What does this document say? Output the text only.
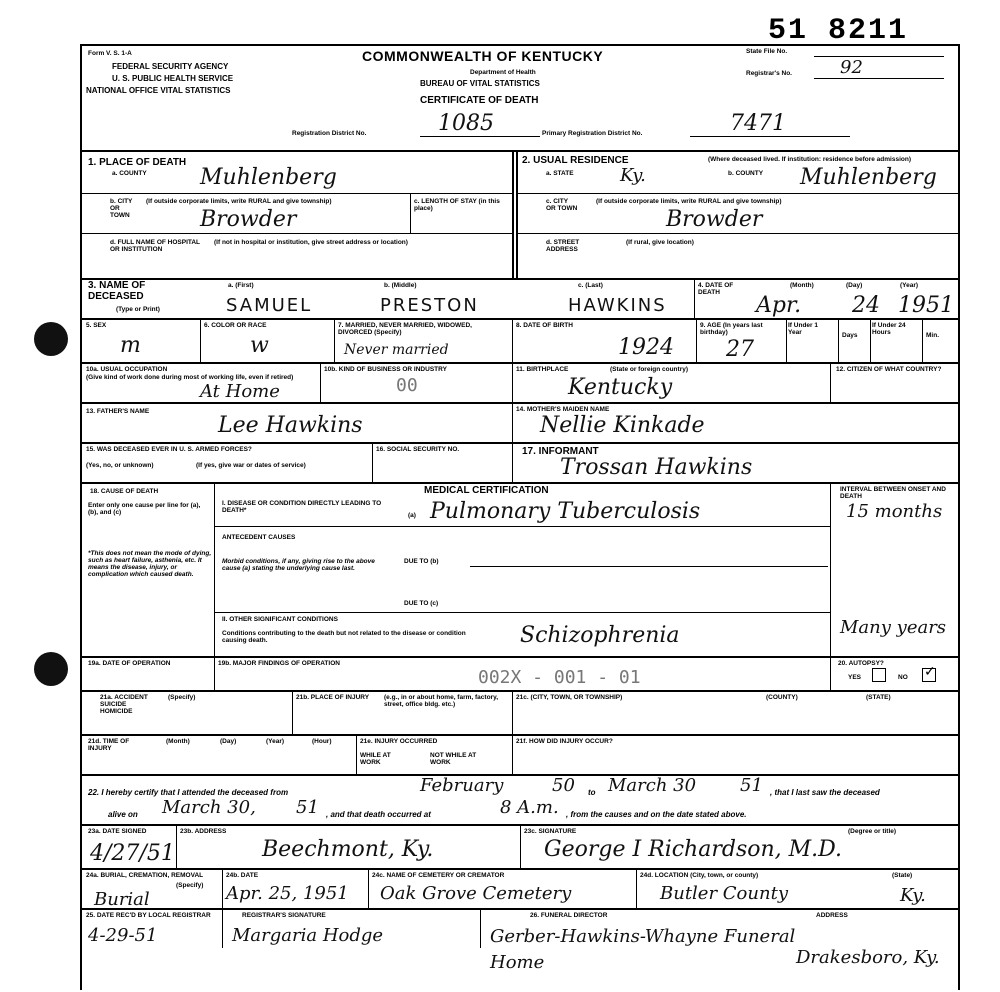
51 8211
Form V. S. 1-A
FEDERAL SECURITY AGENCY
U. S. PUBLIC HEALTH SERVICE
NATIONAL OFFICE VITAL STATISTICS
COMMONWEALTH OF KENTUCKY
Department of Health
BUREAU OF VITAL STATISTICS
CERTIFICATE OF DEATH
State File No.
Registrar's No.	92
Registration District No.	1085	Primary Registration District No.	7471
1. PLACE OF DEATH
a. COUNTY Muhlenberg
b. CITY OR TOWN
(If outside corporate limits, write RURAL and give township)
Browder
c. LENGTH OF STAY (in this place)
d. FULL NAME OF HOSPITAL OR INSTITUTION
(If not in hospital or institution, give street address or location)
2. USUAL RESIDENCE	(Where deceased lived. If institution: residence before admission)
a. STATE	Ky.	b. COUNTY Muhlenberg
c. CITY OR TOWN
(If outside corporate limits, write RURAL and give township)
Browder
d. STREET ADDRESS
(If rural, give location)
3. NAME OF DECEASED
(Type or Print)
a. (First)	b. (Middle)	c. (Last)
SAMUEL	PRESTON	HAWKINS
4. DATE OF DEATH
(Month)	(Day)	(Year)
Apr. 24 1951
5. SEX
m
6. COLOR OR RACE
w
7. MARRIED, NEVER MARRIED, WIDOWED, DIVORCED (Specify)
Never married
8. DATE OF BIRTH
1924
9. AGE (In years last birthday)
27
If Under 1 Year	Days
If Under 24 Hours	Min.
10a. USUAL OCCUPATION
(Give kind of work done during most of working life, even if retired)
At Home
10b. KIND OF BUSINESS OR INDUSTRY
00
11. BIRTHPLACE	(State or foreign country)
Kentucky
12. CITIZEN OF WHAT COUNTRY?
13. FATHER'S NAME
Lee Hawkins
14. MOTHER'S MAIDEN NAME
Nellie Kinkade
15. WAS DECEASED EVER IN U. S. ARMED FORCES?
(Yes, no, or unknown)	(If yes, give war or dates of service)
16. SOCIAL SECURITY NO.	17. INFORMANT
Trossan Hawkins
18. CAUSE OF DEATH
Enter only one cause per line for (a), (b), and (c)
*This does not mean the mode of dying, such as heart failure, asthenia, etc. It means the disease, injury, or complication which caused death.
MEDICAL CERTIFICATION	INTERVAL BETWEEN ONSET AND DEATH
I. DISEASE OR CONDITION DIRECTLY LEADING TO DEATH*
(a) Pulmonary Tuberculosis	15 months
ANTECEDENT CAUSES
Morbid conditions, if any, giving rise to the above cause (a) stating the underlying cause last.
DUE TO (b)
DUE TO (c)
II. OTHER SIGNIFICANT CONDITIONS
Conditions contributing to the death but not related to the disease or condition causing death.	Schizophrenia	Many years
19a. DATE OF OPERATION	19b. MAJOR FINDINGS OF OPERATION
002X - 001 - 01
20. AUTOPSY?
YES	NO ✓
21a. ACCIDENT SUICIDE HOMICIDE
(Specify)	21b. PLACE OF INJURY (e.g., in or about home, farm, factory, street, office bldg. etc.)
21c. (CITY, TOWN, OR TOWNSHIP)	(COUNTY)	(STATE)
21d. TIME OF INJURY
(Month)	(Day)	(Year)	(Hour)	21e. INJURY OCCURRED
WHILE AT WORK
NOT WHILE AT WORK
21f. HOW DID INJURY OCCUR?
22. I hereby certify that I attended the deceased from	February	50 to March 30 51 , that I last saw the deceased
alive on March 30, 51 , and that death occurred at	8 A.m. , from the causes and on the date stated above.
23a. DATE SIGNED
4/27/51
23b. ADDRESS
Beechmont, Ky.
23c. SIGNATURE	(Degree or title)
George I Richardson, M.D.
24a. BURIAL, CREMATION, REMOVAL
(Specify)
Burial
24b. DATE
Apr. 25, 1951
24c. NAME OF CEMETERY OR CREMATOR
Oak Grove Cemetery
24d. LOCATION (City, town, or county)	(State)
Butler County	Ky.
25. DATE REC'D BY LOCAL REGISTRAR
4-29-51
REGISTRAR'S SIGNATURE
Margaria Hodge
26. FUNERAL DIRECTOR	ADDRESS
Gerber-Hawkins-Whayne Funeral Home	Drakesboro, Ky.
